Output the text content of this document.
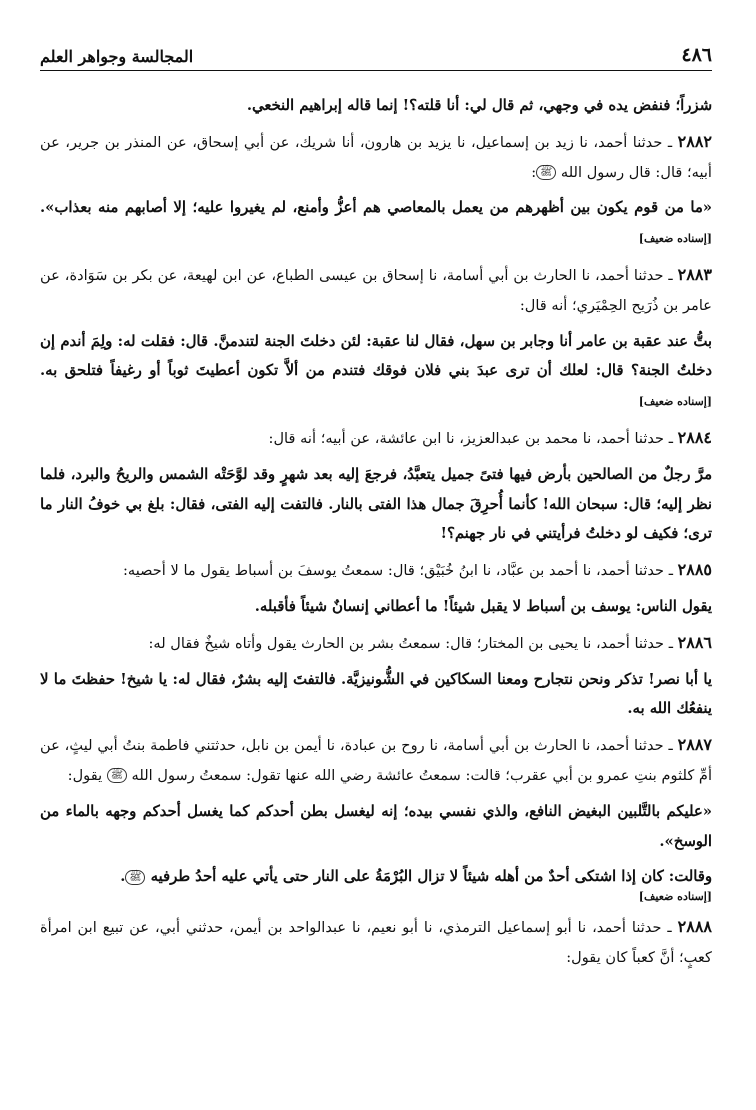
٤٨٦
المجالسة وجواهر العلم

شزراً؛ فنفض يده في وجهي، ثم قال لي: أنا قلته؟! إنما قاله إبراهيم النخعي.

٢٨٨٢ ـ حدثنا أحمد، نا زيد بن إسماعيل، نا يزيد بن هارون، أنا شريك، عن أبي إسحاق، عن المنذر بن جرير، عن أبيه؛ قال: قال رسول الله ﷺ:

«ما من قوم يكون بين أظهرهم من يعمل بالمعاصي هم أعزُّ وأمنع، لم يغيروا عليه؛ إلا أصابهم منه بعذاب». [إسناده ضعيف]

٢٨٨٣ ـ حدثنا أحمد، نا الحارث بن أبي أسامة، نا إسحاق بن عيسى الطباع، عن ابن لهيعة، عن بكر بن سَوَادة، عن عامر بن ذُرَيح الحِمْيَري؛ أنه قال:

بتُّ عند عقبة بن عامر أنا وجابر بن سهل، فقال لنا عقبة: لئن دخلتَ الجنة لتندمنَّ. قال: فقلت له: ولِمَ أندم إن دخلتُ الجنة؟ قال: لعلك أن ترى عبدَ بني فلان فوقك فتندم من ألاَّ تكون أعطيتَ ثوباً أو رغيفاً فتلحق به. [إسناده ضعيف]

٢٨٨٤ ـ حدثنا أحمد، نا محمد بن عبدالعزيز، نا ابن عائشة، عن أبيه؛ أنه قال:

مرَّ رجلٌ من الصالحين بأرض فيها فتىً جميل يتعبَّدُ، فرجعَ إليه بعد شهرٍ وقد لوَّحَتْه الشمس والريحُ والبرد، فلما نظر إليه؛ قال: سبحان الله! كأنما أُحرِقَ جمال هذا الفتى بالنار. فالتفت إليه الفتى، فقال: بلغ بي خوفُ النار ما ترى؛ فكيف لو دخلتُ فرأيتني في نار جهنم؟!

٢٨٨٥ ـ حدثنا أحمد، نا أحمد بن عبَّاد، نا ابنُ خُبَيْق؛ قال: سمعتُ يوسفَ بن أسباط يقول ما لا أحصيه:

يقول الناس: يوسف بن أسباط لا يقبل شيئاً! ما أعطاني إنسانٌ شيئاً فأقبله.

٢٨٨٦ ـ حدثنا أحمد، نا يحيى بن المختار؛ قال: سمعتُ بشر بن الحارث يقول وأتاه شيخٌ فقال له:

يا أبا نصر! تذكر ونحن نتجارح ومعنا السكاكين في الشُّونيزيَّة. فالتفتَ إليه بشرٌ، فقال له: يا شيخ! حفظتَ ما لا ينفعُك الله به.

٢٨٨٧ ـ حدثنا أحمد، نا الحارث بن أبي أسامة، نا روح بن عبادة، نا أيمن بن نابل، حدثتني فاطمة بنتُ أبي ليثٍ، عن أمِّ كلثوم بنتِ عمرو بن أبي عقرب؛ قالت: سمعتُ عائشة رضي الله عنها تقول: سمعتُ رسول الله ﷺ يقول:

«عليكم بالتَّلبين البغيض النافع، والذي نفسي بيده؛ إنه ليغسل بطن أحدكم كما يغسل أحدكم وجهه بالماء من الوسخ».

وقالت: كان إذا اشتكى أحدٌ من أهله شيئاً لا تزال البُرْمَةُ على النار حتى يأتي عليه أحدُ طرفيه ﷺ.

[إسناده ضعيف]

٢٨٨٨ ـ حدثنا أحمد، نا أبو إسماعيل الترمذي، نا أبو نعيم، نا عبدالواحد بن أيمن، حدثني أبي، عن تبيع ابن امرأة كعبٍ؛ أنَّ كعباً كان يقول:
